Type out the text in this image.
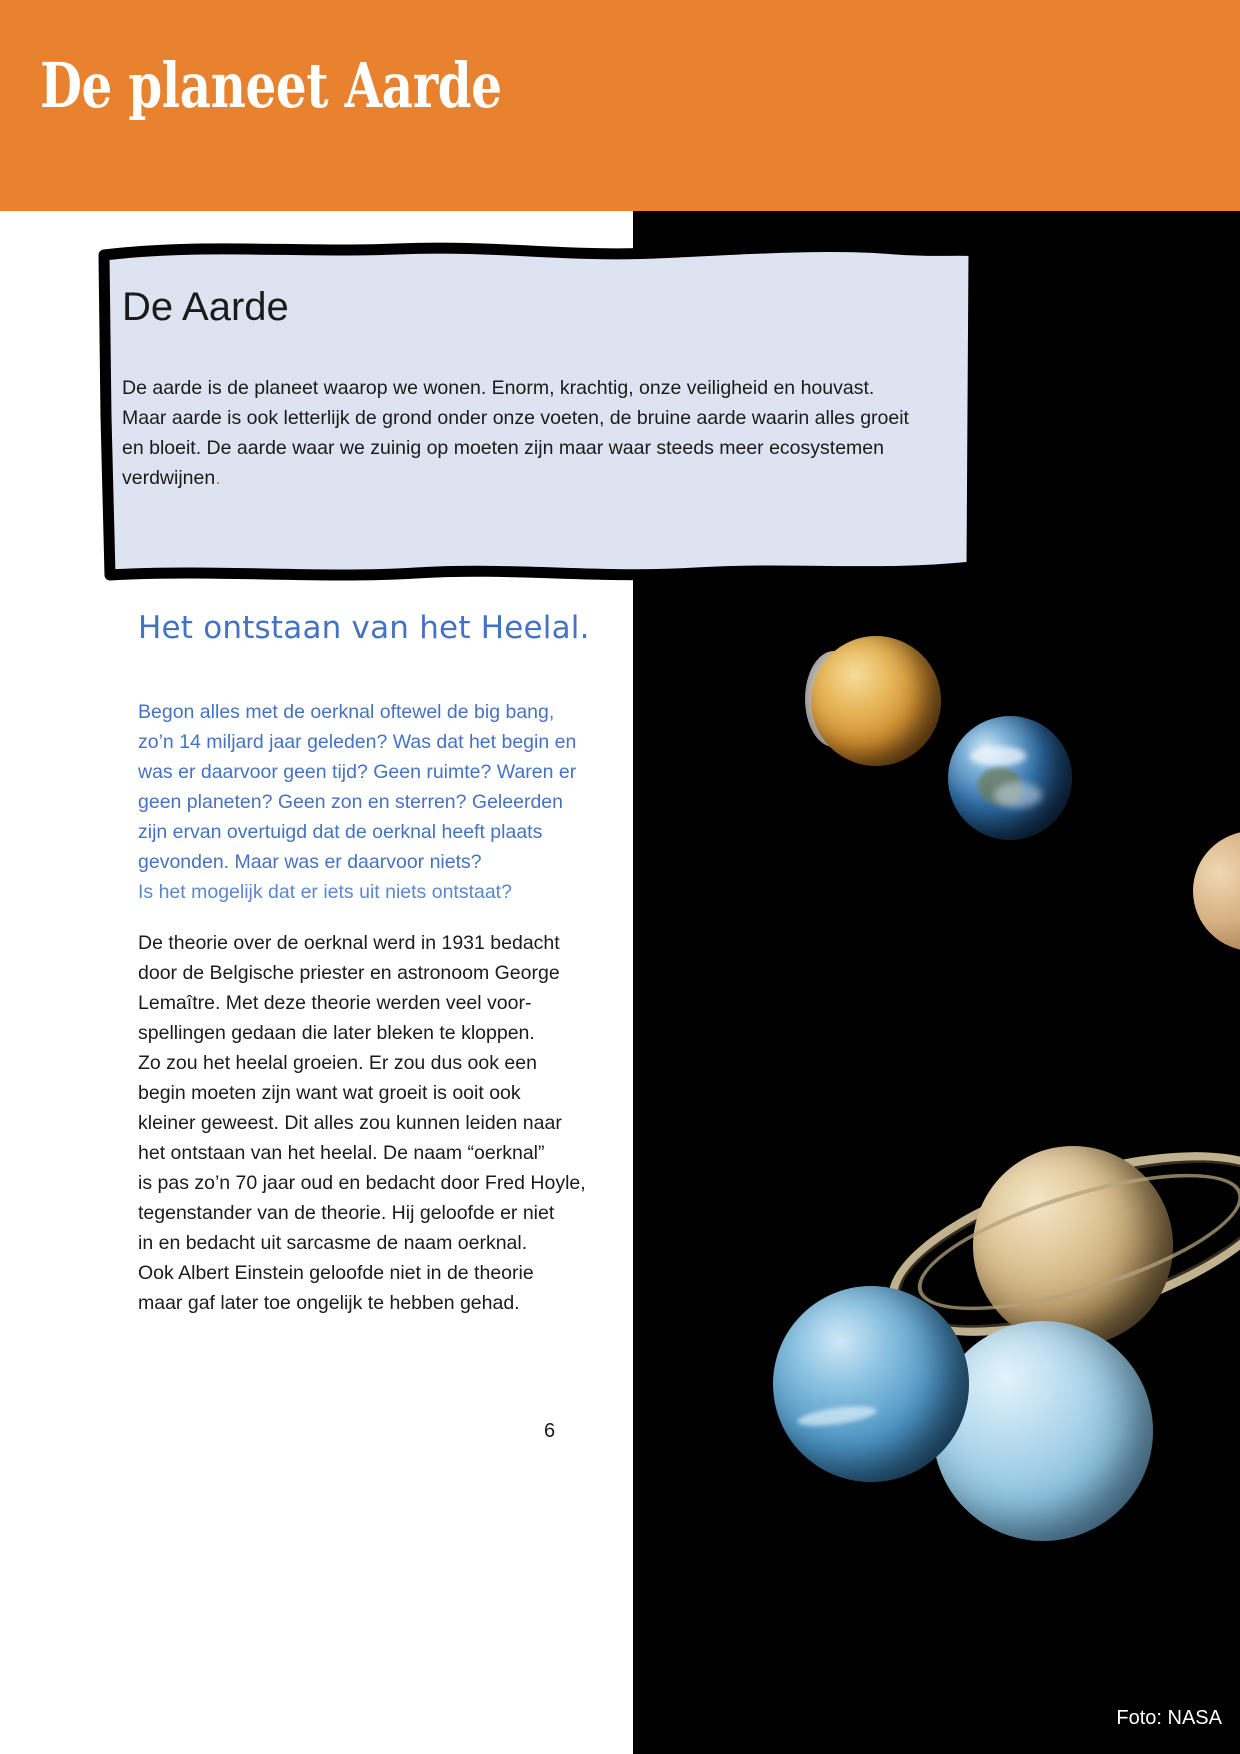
De planeet Aarde
Foto: NASA
De Aarde
De aarde is de planeet waarop we wonen. Enorm, krachtig, onze veiligheid en houvast.
Maar aarde is ook letterlijk de grond onder onze voeten, de bruine aarde waarin alles groeit
en bloeit. De aarde waar we zuinig op moeten zijn maar waar steeds meer ecosystemen
verdwijnen.
Het ontstaan van het Heelal.
Begon alles met de oerknal oftewel de big bang,
zo’n 14 miljard jaar geleden? Was dat het begin en
was er daarvoor geen tijd? Geen ruimte? Waren er
geen planeten? Geen zon en sterren? Geleerden
zijn ervan overtuigd dat de oerknal heeft plaats
gevonden. Maar was er daarvoor niets?
Is het mogelijk dat er iets uit niets ontstaat?
De theorie over de oerknal werd in 1931 bedacht
door de Belgische priester en astronoom George
Lemaître. Met deze theorie werden veel voor-
spellingen gedaan die later bleken te kloppen.
Zo zou het heelal groeien. Er zou dus ook een
begin moeten zijn want wat groeit is ooit ook
kleiner geweest. Dit alles zou kunnen leiden naar
het ontstaan van het heelal. De naam “oerknal”
is pas zo’n 70 jaar oud en bedacht door Fred Hoyle,
tegenstander van de theorie. Hij geloofde er niet
in en bedacht uit sarcasme de naam oerknal.
Ook Albert Einstein geloofde niet in de theorie
maar gaf later toe ongelijk te hebben gehad.
6
